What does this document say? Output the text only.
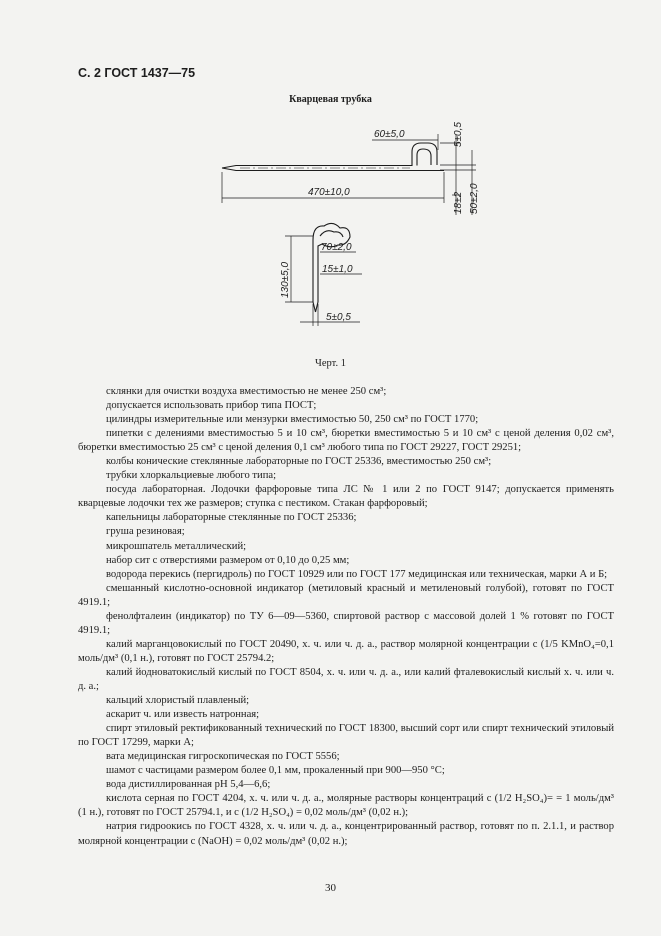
С. 2 ГОСТ 1437—75
Кварцевая трубка
60±5,0	5±0,5
470±10,0	18±2 50±2,0
130±5,0
70±2,0
15±1,0
5±0,5
Черт. 1
склянки для очистки воздуха вместимостью не менее 250 см³;
допускается использовать прибор типа ПОСТ;
цилиндры измерительные или мензурки вместимостью 50, 250 см³ по ГОСТ 1770;
пипетки с делениями вместимостью 5 и 10 см³, бюретки вместимостью 5 и 10 см³ с ценой деления 0,02 см³, бюретки вместимостью 25 см³ с ценой деления 0,1 см³ любого типа по ГОСТ 29227, ГОСТ 29251;
колбы конические стеклянные лабораторные по ГОСТ 25336, вместимостью 250 см³;
трубки хлоркальциевые любого типа;
посуда лабораторная. Лодочки фарфоровые типа ЛС № 1 или 2 по ГОСТ 9147; допускается применять кварцевые лодочки тех же размеров; ступка с пестиком. Стакан фарфоровый;
капельницы лабораторные стеклянные по ГОСТ 25336;
груша резиновая;
микрошпатель металлический;
набор сит с отверстиями размером от 0,10 до 0,25 мм;
водорода перекись (пергидроль) по ГОСТ 10929 или по ГОСТ 177 медицинская или техническая, марки А и Б;
смешанный кислотно-основной индикатор (метиловый красный и метиленовый голубой), готовят по ГОСТ 4919.1;
фенолфталеин (индикатор) по ТУ 6—09—5360, спиртовой раствор с массовой долей 1 % готовят по ГОСТ 4919.1;
калий марганцовокислый по ГОСТ 20490, х. ч. или ч. д. а., раствор молярной концентрации c (1/5 KMnO₄=0,1 моль/дм³ (0,1 н.), готовят по ГОСТ 25794.2;
калий йодноватокислый кислый по ГОСТ 8504, х. ч. или ч. д. а., или калий фталевокислый кислый х. ч. или ч. д. а.;
кальций хлористый плавленый;
аскарит ч. или известь натронная;
спирт этиловый ректификованный технический по ГОСТ 18300, высший сорт или спирт технический этиловый по ГОСТ 17299, марки А;
вата медицинская гигроскопическая по ГОСТ 5556;
шамот с частицами размером более 0,1 мм, прокаленный при 900—950 °С;
вода дистиллированная pH 5,4—6,6;
кислота серная по ГОСТ 4204, х. ч. или ч. д. а., молярные растворы концентраций c (1/2 H₂SO₄)= = 1 моль/дм³ (1 н.), готовят по ГОСТ 25794.1, и c (1/2 H₂SO₄) = 0,02 моль/дм³ (0,02 н.);
натрия гидроокись по ГОСТ 4328, х. ч. или ч. д. а., концентрированный раствор, готовят по п. 2.1.1, и раствор молярной концентрации c (NaOH) = 0,02 моль/дм³ (0,02 н.);
30
